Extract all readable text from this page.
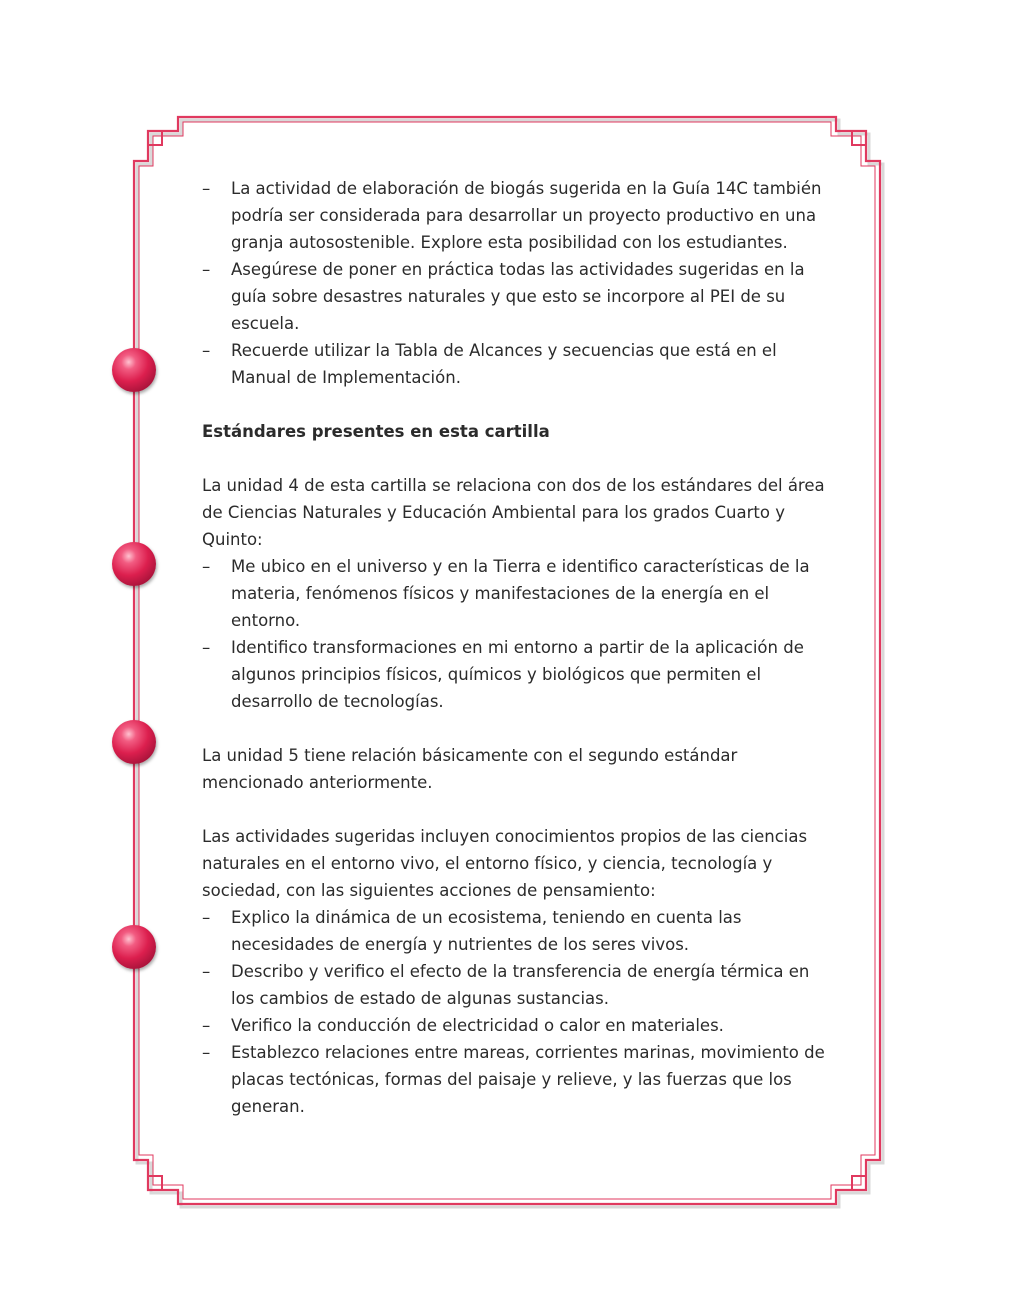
– La actividad de elaboración de biogás sugerida en la Guía 14C también podría ser considerada para desarrollar un proyecto productivo en una granja autosostenible. Explore esta posibilidad con los estudiantes.
– Asegúrese de poner en práctica todas las actividades sugeridas en la guía sobre desastres naturales y que esto se incorpore al PEI de su escuela.
– Recuerde utilizar la Tabla de Alcances y secuencias que está en el Manual de Implementación.

Estándares presentes en esta cartilla

La unidad 4 de esta cartilla se relaciona con dos de los estándares del área de Ciencias Naturales y Educación Ambiental para los grados Cuarto y Quinto:

– Me ubico en el universo y en la Tierra e identifico características de la materia, fenómenos físicos y manifestaciones de la energía en el entorno.
– Identifico transformaciones en mi entorno a partir de la aplicación de algunos principios físicos, químicos y biológicos que permiten el desarrollo de tecnologías.

La unidad 5 tiene relación básicamente con el segundo estándar mencionado anteriormente.

Las actividades sugeridas incluyen conocimientos propios de las ciencias naturales en el entorno vivo, el entorno físico, y ciencia, tecnología y sociedad, con las siguientes acciones de pensamiento:

– Explico la dinámica de un ecosistema, teniendo en cuenta las necesidades de energía y nutrientes de los seres vivos.
– Describo y verifico el efecto de la transferencia de energía térmica en los cambios de estado de algunas sustancias.
– Verifico la conducción de electricidad o calor en materiales.
– Establezco relaciones entre mareas, corrientes marinas, movimiento de placas tectónicas, formas del paisaje y relieve, y las fuerzas que los generan.
